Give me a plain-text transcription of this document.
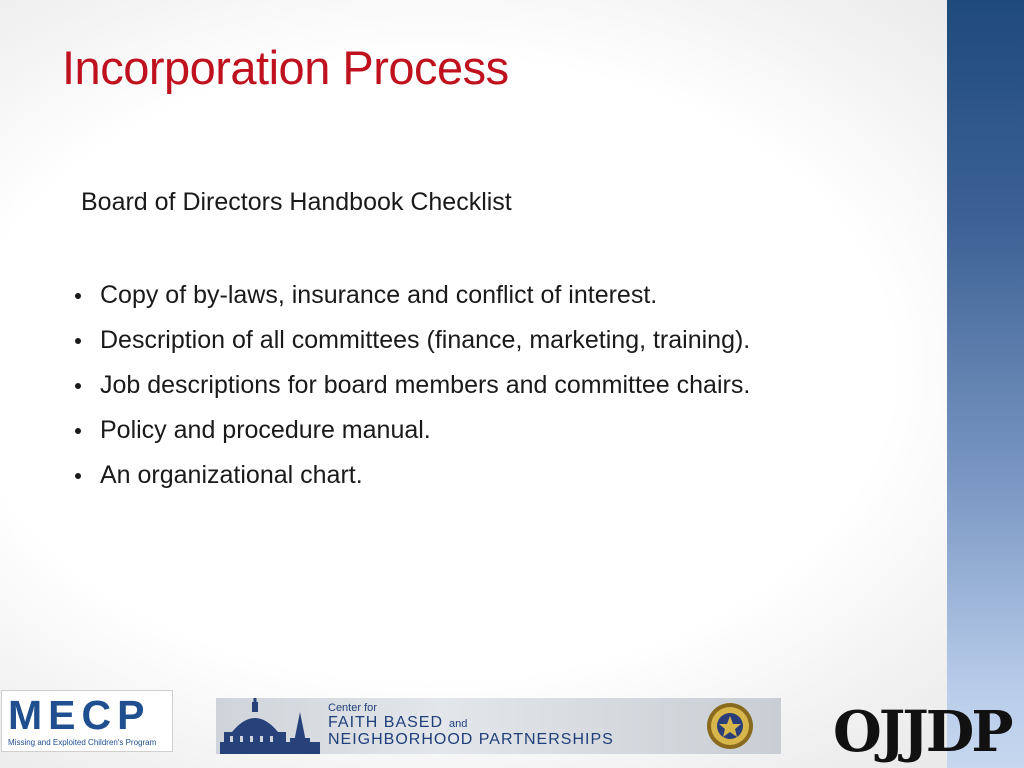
Incorporation Process
Board of Directors Handbook Checklist
Copy of by-laws, insurance and conflict of interest.
Description of all committees (finance, marketing, training).
Job descriptions for board members and committee chairs.
Policy and procedure manual.
An organizational chart.
MECP
Missing and Exploited Children's Program
Center for
FAITH BASED and
NEIGHBORHOOD PARTNERSHIPS	OJJDP
